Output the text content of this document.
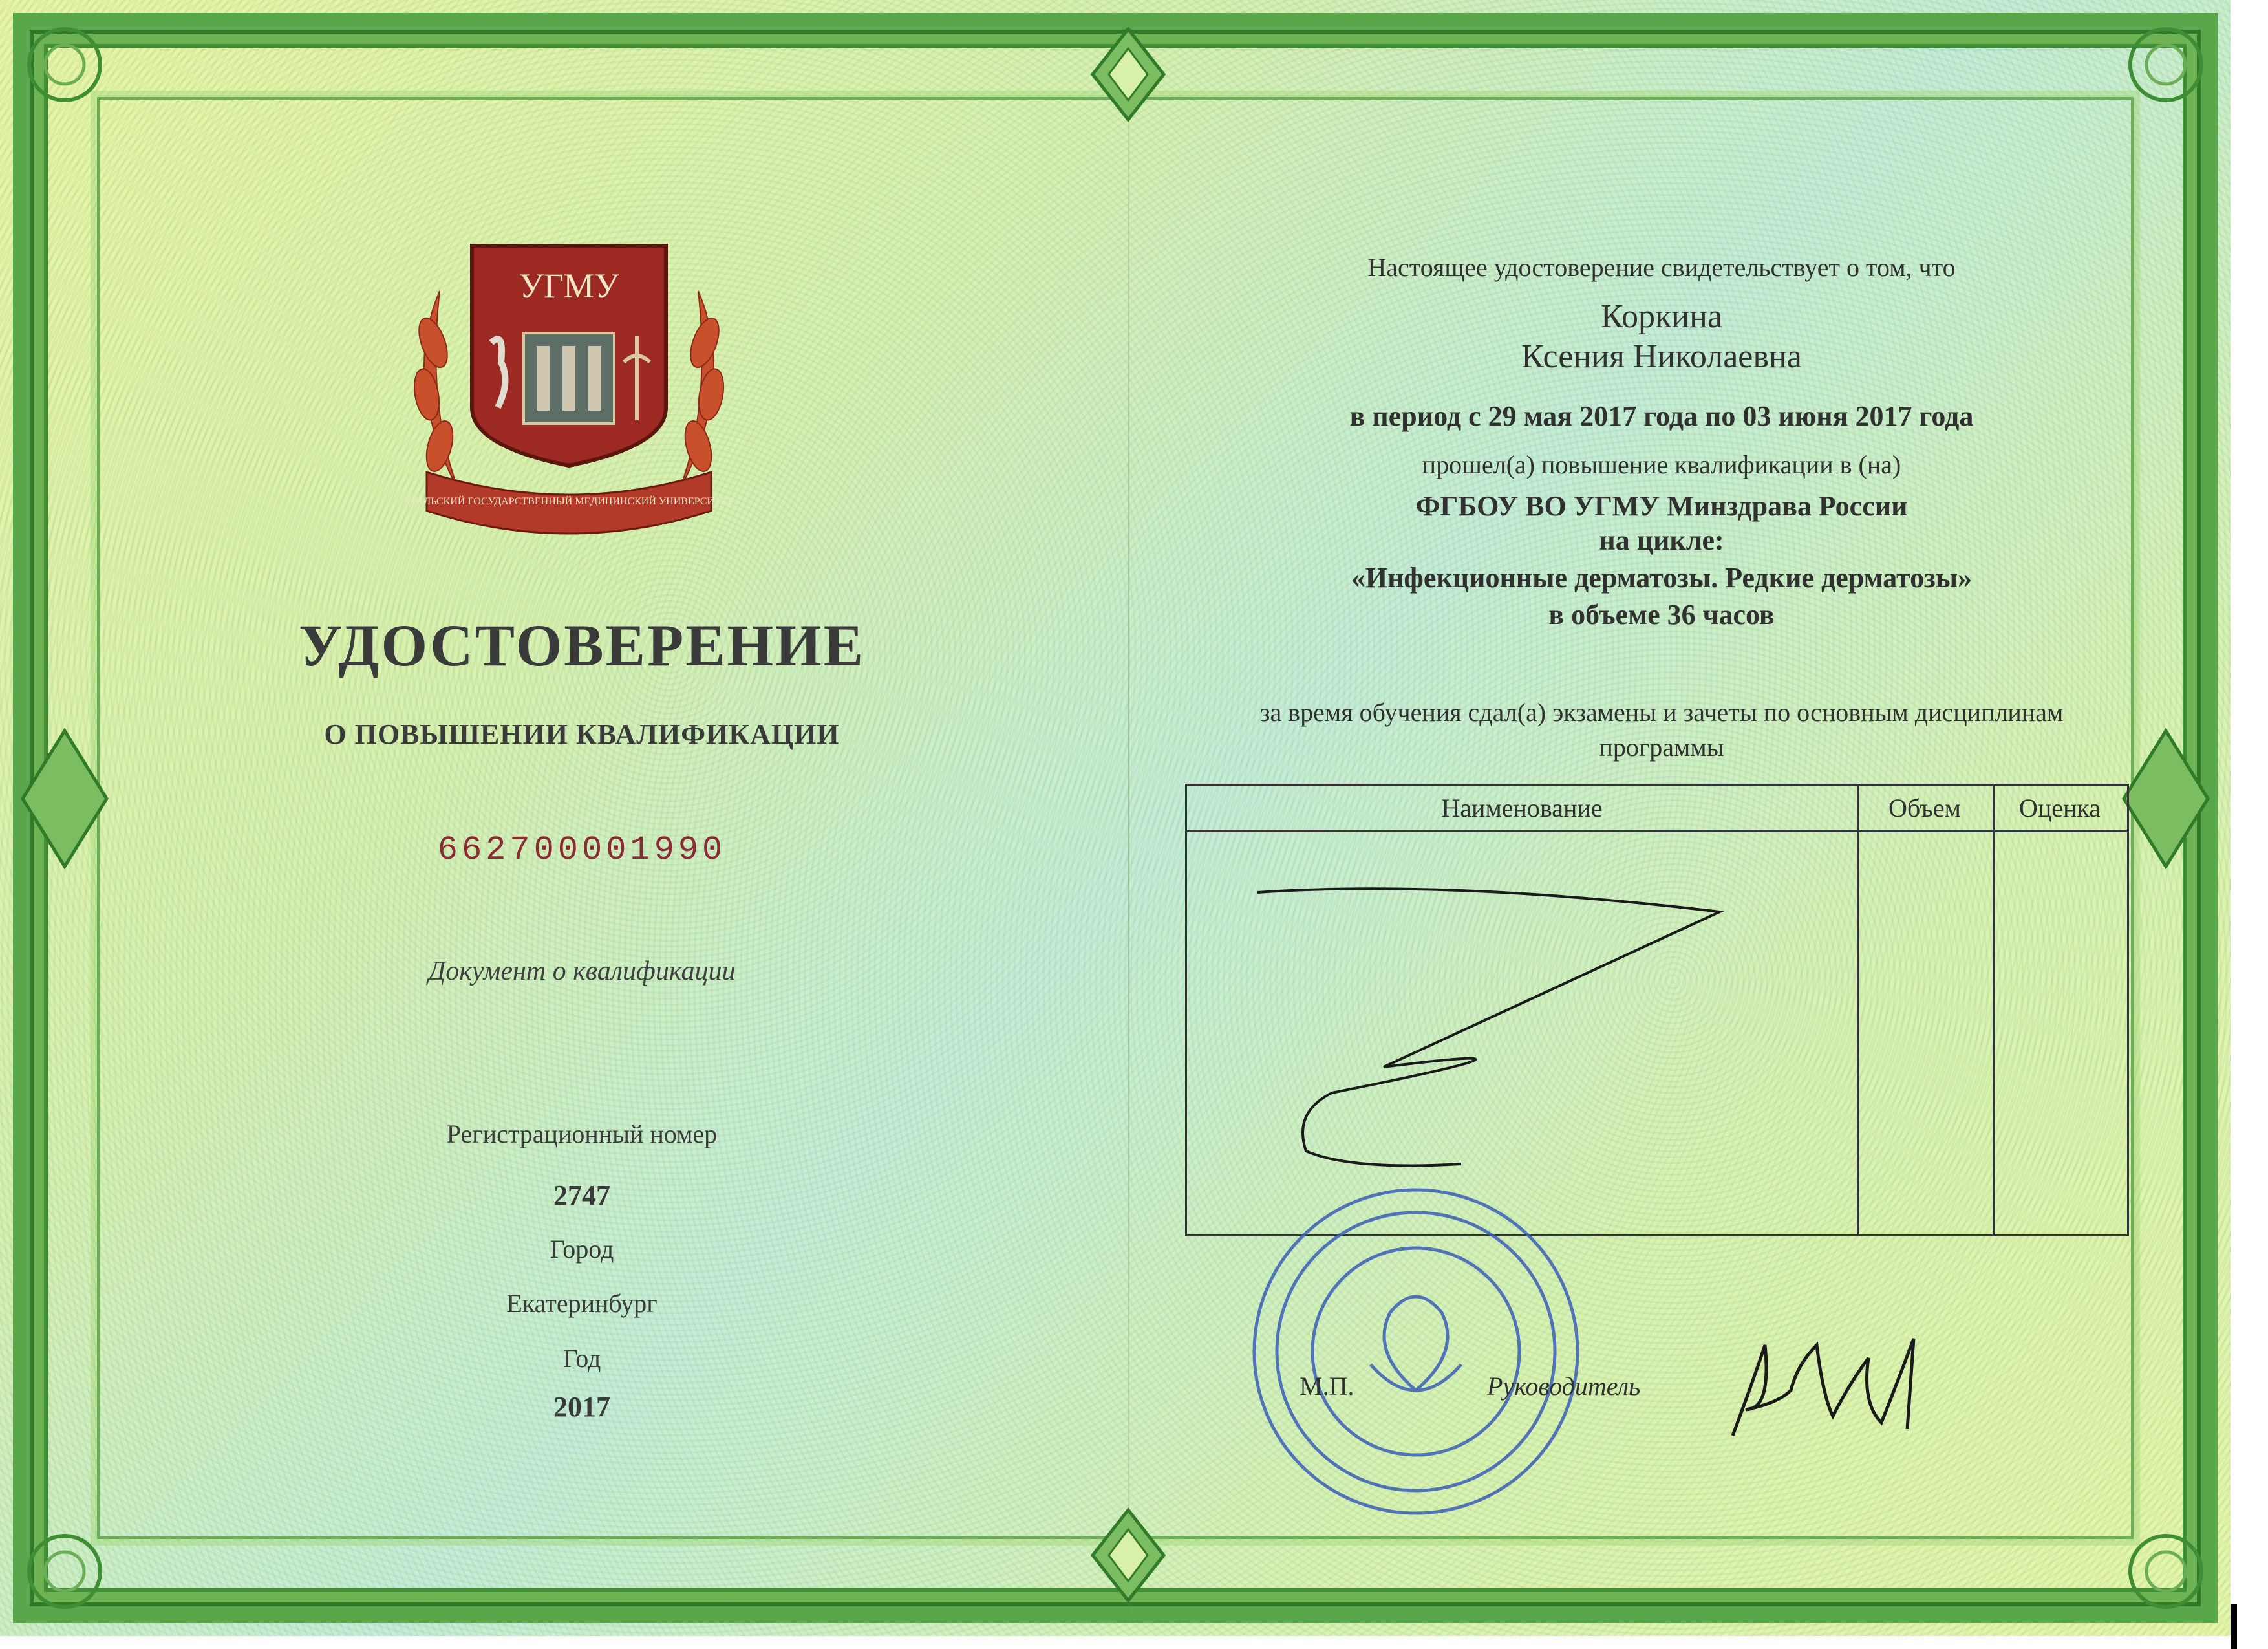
УГМУ
УРАЛЬСКИЙ ГОСУДАРСТВЕННЫЙ МЕДИЦИНСКИЙ УНИВЕРСИТЕТ
УДОСТОВЕРЕНИЕ
О ПОВЫШЕНИИ КВАЛИФИКАЦИИ
662700001990
Документ о квалификации
Регистрационный номер
2747
Город
Екатеринбург
Год
2017
Настоящее удостоверение свидетельствует о том, что
Коркина
Ксения Николаевна
в период с 29 мая 2017 года по 03 июня 2017 года
прошел(а) повышение квалификации в (на)
ФГБОУ ВО УГМУ Минздрава России
на цикле:
«Инфекционные дерматозы. Редкие дерматозы»
в объеме 36 часов
за время обучения сдал(а) экзамены и зачеты по основным дисциплинам
программы
Наименование	Объем	Оценка
М.П.	Руководитель
